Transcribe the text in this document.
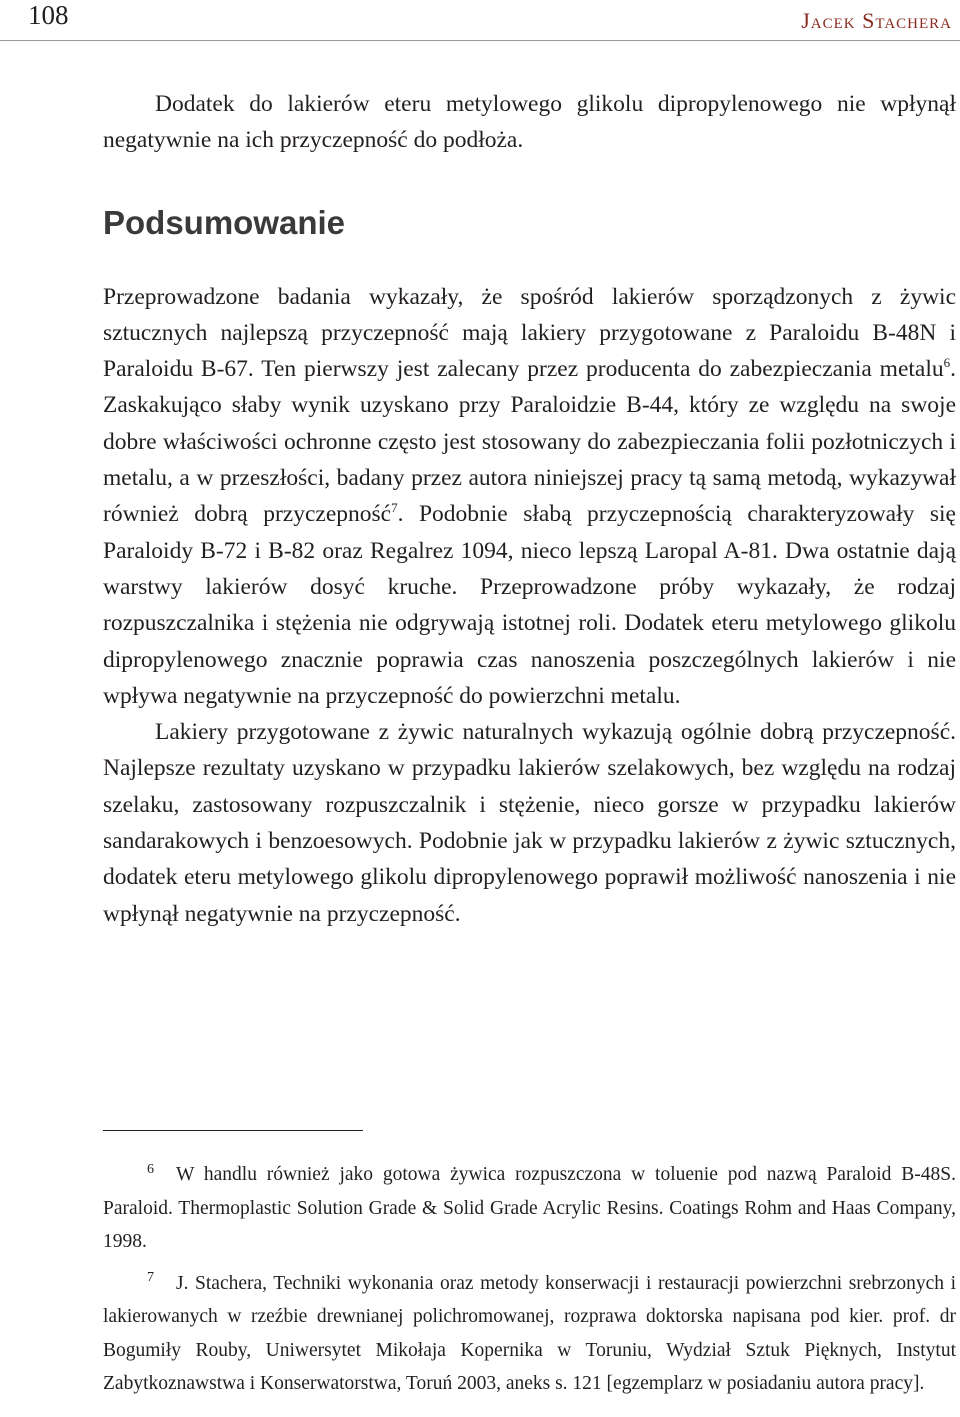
108	Jacek Stachera

Dodatek do lakierów eteru metylowego glikolu dipropylenowego nie wpłynął negatywnie na ich przyczepność do podłoża.

Podsumowanie

Przeprowadzone badania wykazały, że spośród lakierów sporządzonych z żywic sztucznych najlepszą przyczepność mają lakiery przygotowane z Paraloidu B-48N i Paraloidu B-67. Ten pierwszy jest zalecany przez producenta do zabezpieczania metalu$^6$. Zaskakująco słaby wynik uzyskano przy Paraloidzie B-44, który ze względu na swoje dobre właściwości ochronne często jest stosowany do zabezpieczania folii pozłotniczych i metalu, a w przeszłości, badany przez autora niniejszej pracy tą samą metodą, wykazywał również dobrą przyczepność$^7$. Podobnie słabą przyczepnością charakteryzowały się Paraloidy B-72 i B-82 oraz Regalrez 1094, nieco lepszą Laropal A-81. Dwa ostatnie dają warstwy lakierów dosyć kruche. Przeprowadzone próby wykazały, że rodzaj rozpuszczalnika i stężenia nie odgrywają istotnej roli. Dodatek eteru metylowego glikolu dipropylenowego znacznie poprawia czas nanoszenia poszczególnych lakierów i nie wpływa negatywnie na przyczepność do powierzchni metalu.

Lakiery przygotowane z żywic naturalnych wykazują ogólnie dobrą przyczepność. Najlepsze rezultaty uzyskano w przypadku lakierów szelakowych, bez względu na rodzaj szelaku, zastosowany rozpuszczalnik i stężenie, nieco gorsze w przypadku lakierów sandarakowych i benzoesowych. Podobnie jak w przypadku lakierów z żywic sztucznych, dodatek eteru metylowego glikolu dipropylenowego poprawił możliwość nanoszenia i nie wpłynął negatywnie na przyczepność.

$^6$ W handlu również jako gotowa żywica rozpuszczona w toluenie pod nazwą Paraloid B-48S. Paraloid. Thermoplastic Solution Grade & Solid Grade Acrylic Resins. Coatings Rohm and Haas Company, 1998.

$^7$ J. Stachera, Techniki wykonania oraz metody konserwacji i restauracji powierzchni srebrzonych i lakierowanych w rzeźbie drewnianej polichromowanej, rozprawa doktorska napisana pod kier. prof. dr Bogumiły Rouby, Uniwersytet Mikołaja Kopernika w Toruniu, Wydział Sztuk Pięknych, Instytut Zabytkoznawstwa i Konserwatorstwa, Toruń 2003, aneks s. 121 [egzemplarz w posiadaniu autora pracy].
